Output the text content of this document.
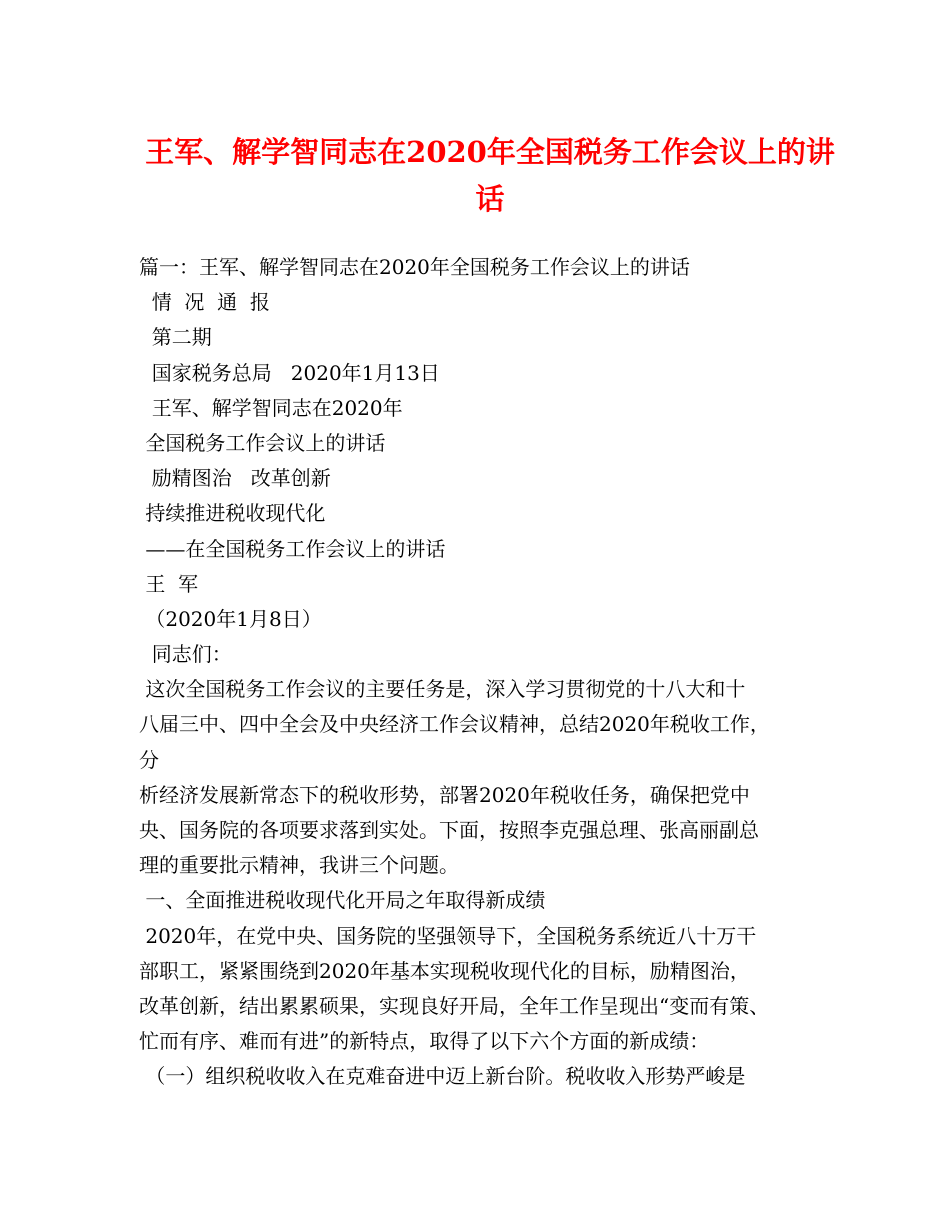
王军、解学智同志在2020年全国税务工作会议上的讲
话

篇一：王军、解学智同志在2020年全国税务工作会议上的讲话

情  况  通  报

第二期

国家税务总局   2020年1月13日

王军、解学智同志在2020年

全国税务工作会议上的讲话

励精图治   改革创新

持续推进税收现代化

——在全国税务工作会议上的讲话

王  军

（2020年1月8日）

同志们：

这次全国税务工作会议的主要任务是，深入学习贯彻党的十八大和十

八届三中、四中全会及中央经济工作会议精神，总结2020年税收工作，

分

析经济发展新常态下的税收形势，部署2020年税收任务，确保把党中

央、国务院的各项要求落到实处。下面，按照李克强总理、张高丽副总

理的重要批示精神，我讲三个问题。

一、全面推进税收现代化开局之年取得新成绩

2020年，在党中央、国务院的坚强领导下，全国税务系统近八十万干

部职工，紧紧围绕到2020年基本实现税收现代化的目标，励精图治，

改革创新，结出累累硕果，实现良好开局，全年工作呈现出“变而有策、

忙而有序、难而有进”的新特点，取得了以下六个方面的新成绩：

（一）组织税收收入在克难奋进中迈上新台阶。税收收入形势严峻是
